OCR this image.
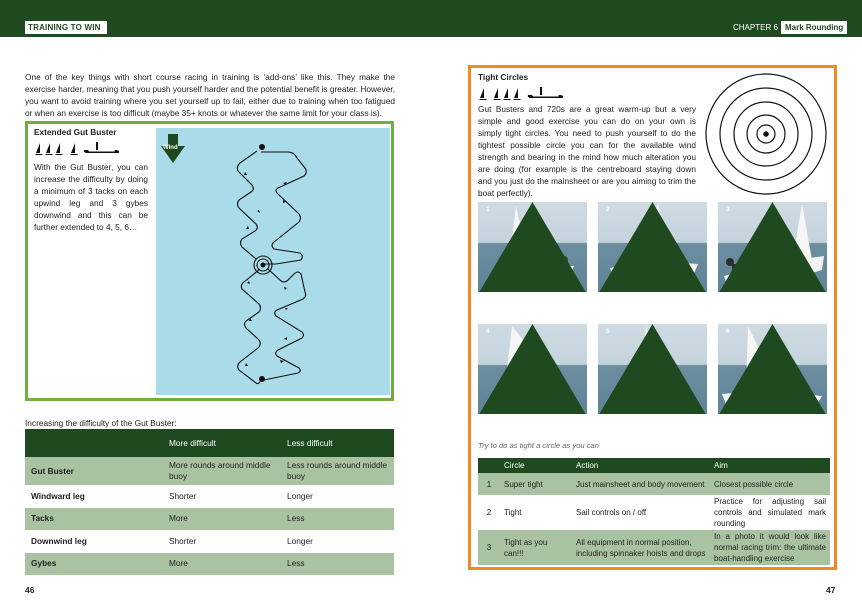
TRAINING TO WIN	CHAPTER 6 Mark Rounding

One of the key things with short course racing in training is ‘add-ons’ like this. They make the exercise harder, meaning that you push yourself harder and the potential benefit is greater. However, you want to avoid training where you set yourself up to fail, either due to training when too fatigued or when an exercise is too difficult (maybe 35+ knots or whatever the same limit for your class is).

Extended Gut Buster

With the Gut Buster, you can increase the difficulty by doing a minimum of 3 tacks on each upwind leg and 3 gybes downwind and this can be further extended to 4, 5, 6…

Wind
Increasing the difficulty of the Gut Buster:
	More difficult	Less difficult
Gut Buster	More rounds around middle buoy	Less rounds around middle buoy
Windward leg	Shorter	Longer
Tacks	More	Less
Downwind leg	Shorter	Longer
Gybes	More	Less
46
Tight Circles

Gut Busters and 720s are a great warm-up but a very simple and good exercise you can do on your own is simply tight circles. You need to push yourself to do the tightest possible circle you can for the available wind strength and bearing in the mind how much alteration you are doing (for example is the centreboard staying down and you just do the mainsheet or are you aiming to trim the boat perfectly).

1	2	3
4	5	6
Try to do as tight a circle as you can
	Circle	Action	Aim
1	Super tight	Just mainsheet and body movement	Closest possible circle
2	Tight	Sail controls on / off	Practice for adjusting sail controls and simulated mark rounding
3	Tight as you can!!!	All equipment in normal position, including spinnaker hoists and drops	In a photo it would look like normal racing trim: the ultimate boat-handling exercise
47
